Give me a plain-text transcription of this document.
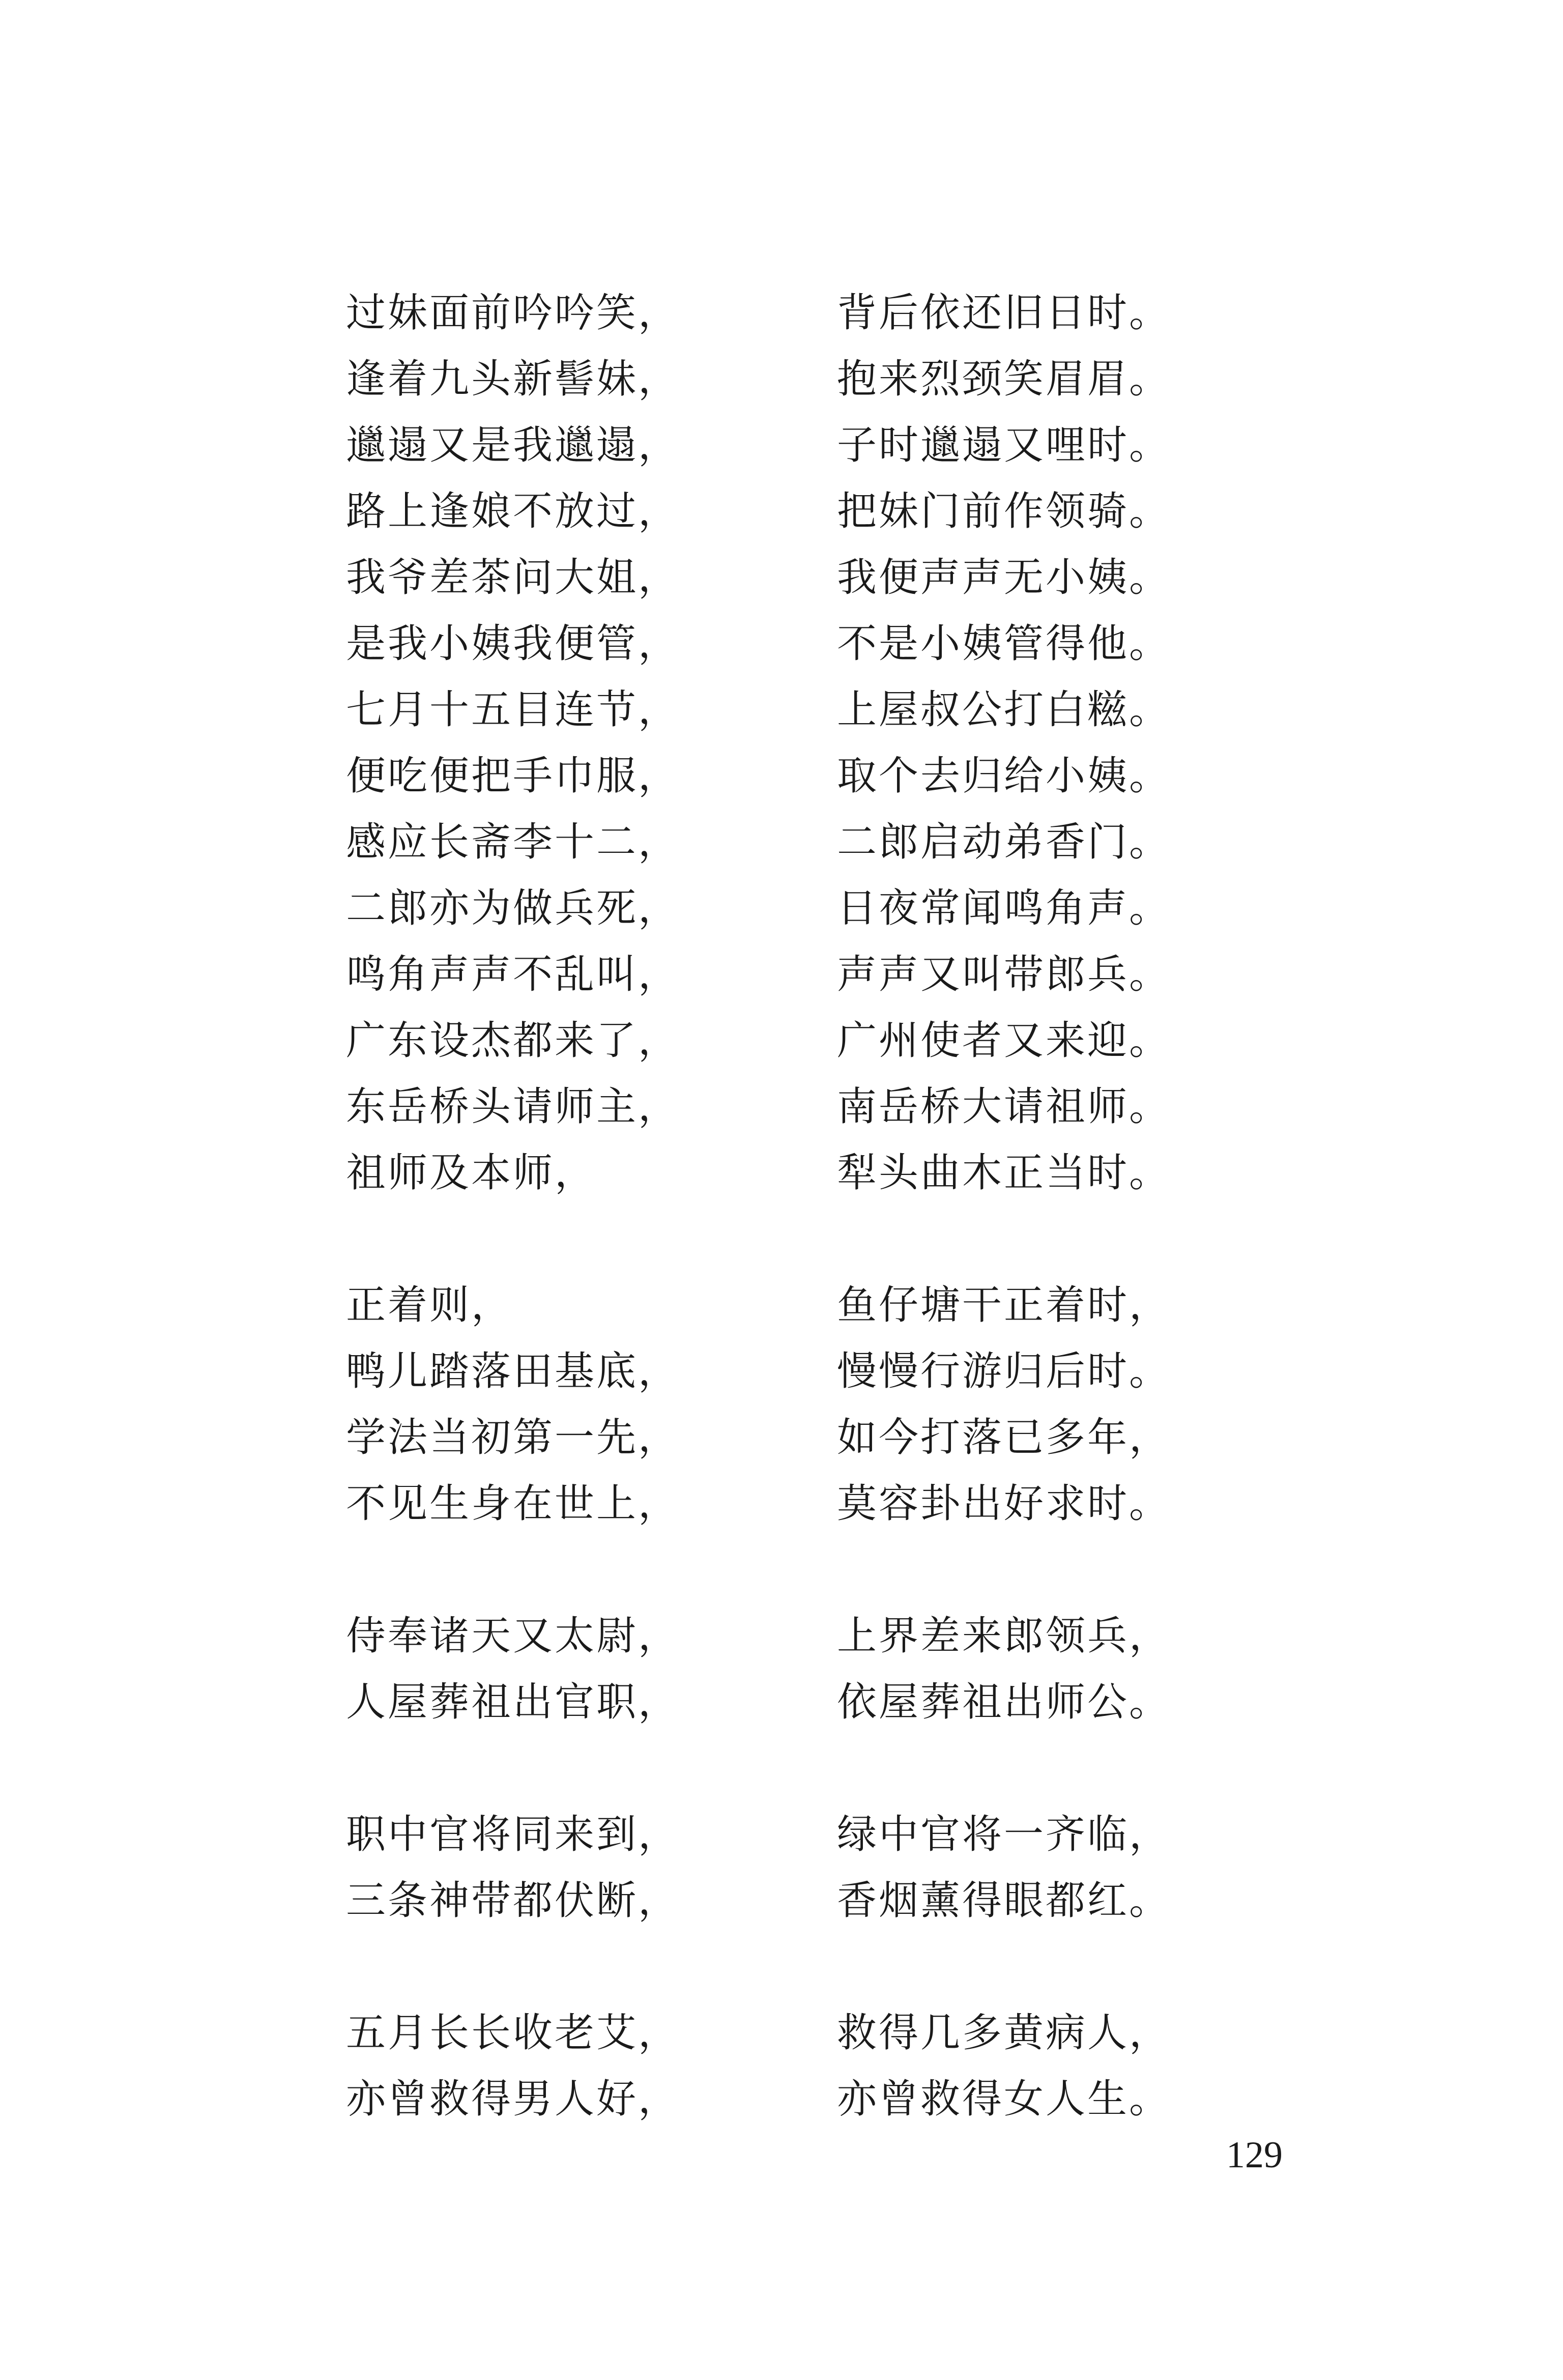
过妹面前吟吟笑，	背后依还旧日时。
逢着九头新髻妹，	抱来烈颈笑眉眉。
邋遢又是我邋遢，	子时邋遢又哩时。
路上逢娘不放过，	把妹门前作领骑。
我爷差茶问大姐，	我便声声无小姨。
是我小姨我便管，	不是小姨管得他。
七月十五目连节，	上屋叔公打白糍。
便吃便把手巾服，	取个去归给小姨。
感应长斋李十二，	二郎启动弟香门。
二郎亦为做兵死，	日夜常闻鸣角声。
鸣角声声不乱叫，	声声又叫带郎兵。
广东设杰都来了，	广州使者又来迎。
东岳桥头请师主，	南岳桥大请祖师。
祖师及本师，	犁头曲木正当时。
正着则，	鱼仔塘干正着时，
鸭儿踏落田基底，	慢慢行游归后时。
学法当初第一先，	如今打落已多年，
不见生身在世上，	莫容卦出好求时。
侍奉诸天又太尉，	上界差来郎领兵，
人屋葬祖出官职，	依屋葬祖出师公。
职中官将同来到，	绿中官将一齐临，
三条神带都伏断，	香烟薰得眼都红。
五月长长收老艾，	救得几多黄病人，
亦曾救得男人好，	亦曾救得女人生。
129
